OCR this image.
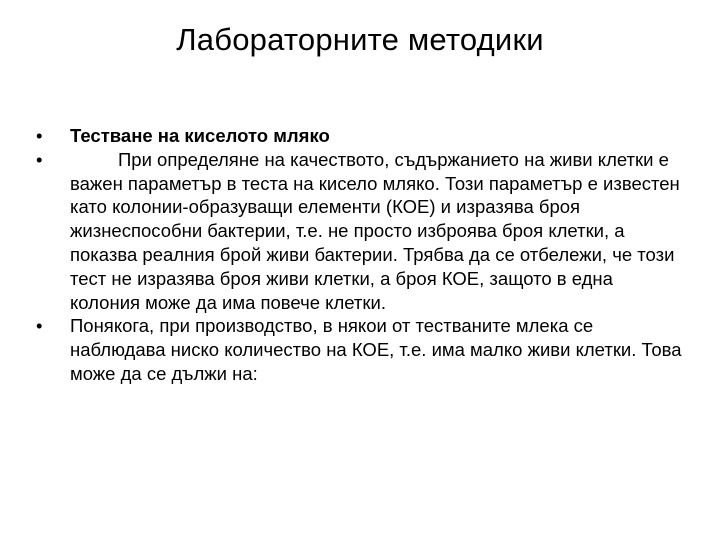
Лабораторните методики
•	Тестване на киселото мляко
•	При определяне на качеството, съдържанието на живи клетки е важен параметър в теста на кисело мляко. Този параметър е известен като колонии-образуващи елементи (КОЕ) и изразява броя жизнеспособни бактерии, т.е. не просто изброява броя клетки, а показва реалния брой живи бактерии. Трябва да се отбележи, че този тест не изразява броя живи клетки, а броя КОЕ, защото в една колония може да има повече клетки.
•	Понякога, при производство, в някои от тестваните млека се наблюдава ниско количество на КОЕ, т.е. има малко живи клетки. Това може да се дължи на:
